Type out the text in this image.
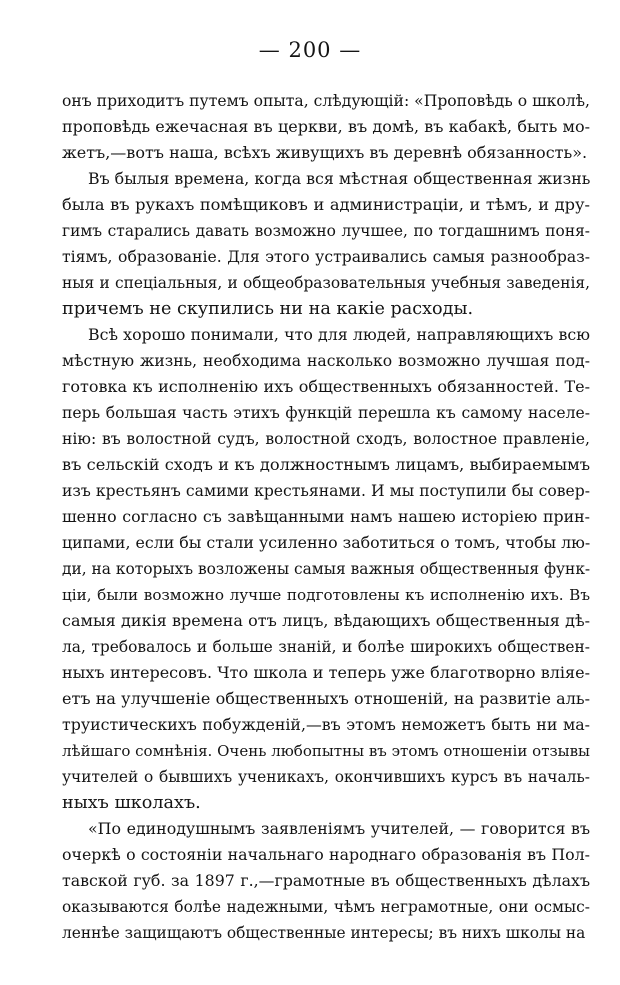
— 200 —
онъ приходитъ путемъ опыта, слѣдующій: «Проповѣдь о школѣ,
проповѣдь ежечасная въ церкви, въ домѣ, въ кабакѣ, быть мо-
жетъ,—вотъ наша, всѣхъ живущихъ въ деревнѣ обязанность».
Въ былыя времена, когда вся мѣстная общественная жизнь
была въ рукахъ помѣщиковъ и администраціи, и тѣмъ, и дру-
гимъ старались давать возможно лучшее, по тогдашнимъ поня-
тіямъ, образованіе. Для этого устраивались самыя разнообраз-
ныя и спеціальныя, и общеобразовательныя учебныя заведенія,
причемъ не скупились ни на какіе расходы.
Всѣ хорошо понимали, что для людей, направляющихъ всю
мѣстную жизнь, необходима насколько возможно лучшая под-
готовка къ исполненію ихъ общественныхъ обязанностей. Те-
перь большая часть этихъ функцій перешла къ самому населе-
нію: въ волостной судъ, волостной сходъ, волостное правленіе,
въ сельскій сходъ и къ должностнымъ лицамъ, выбираемымъ
изъ крестьянъ самими крестьянами. И мы поступили бы совер-
шенно согласно съ завѣщанными намъ нашею исторіею прин-
ципами, если бы стали усиленно заботиться о томъ, чтобы лю-
ди, на которыхъ возложены самыя важныя общественныя функ-
ціи, были возможно лучше подготовлены къ исполненію ихъ. Въ
самыя дикія времена отъ лицъ, вѣдающихъ общественныя дѣ-
ла, требовалось и больше знаній, и болѣе широкихъ обществен-
ныхъ интересовъ. Что школа и теперь уже благотворно вліяе-
етъ на улучшеніе общественныхъ отношеній, на развитіе аль-
труистическихъ побужденій,—въ этомъ неможетъ быть ни ма-
лѣйшаго сомнѣнія. Очень любопытны въ этомъ отношеніи отзывы
учителей о бывшихъ ученикахъ, окончившихъ курсъ въ началь-
ныхъ школахъ.
«По единодушнымъ заявленіямъ учителей, — говорится въ
очеркѣ о состояніи начальнаго народнаго образованія въ Пол-
тавской губ. за 1897 г.,—грамотные въ общественныхъ дѣлахъ
оказываются болѣе надежными, чѣмъ неграмотные, они осмыс-
леннѣе защищаютъ общественные интересы; въ нихъ школы на
